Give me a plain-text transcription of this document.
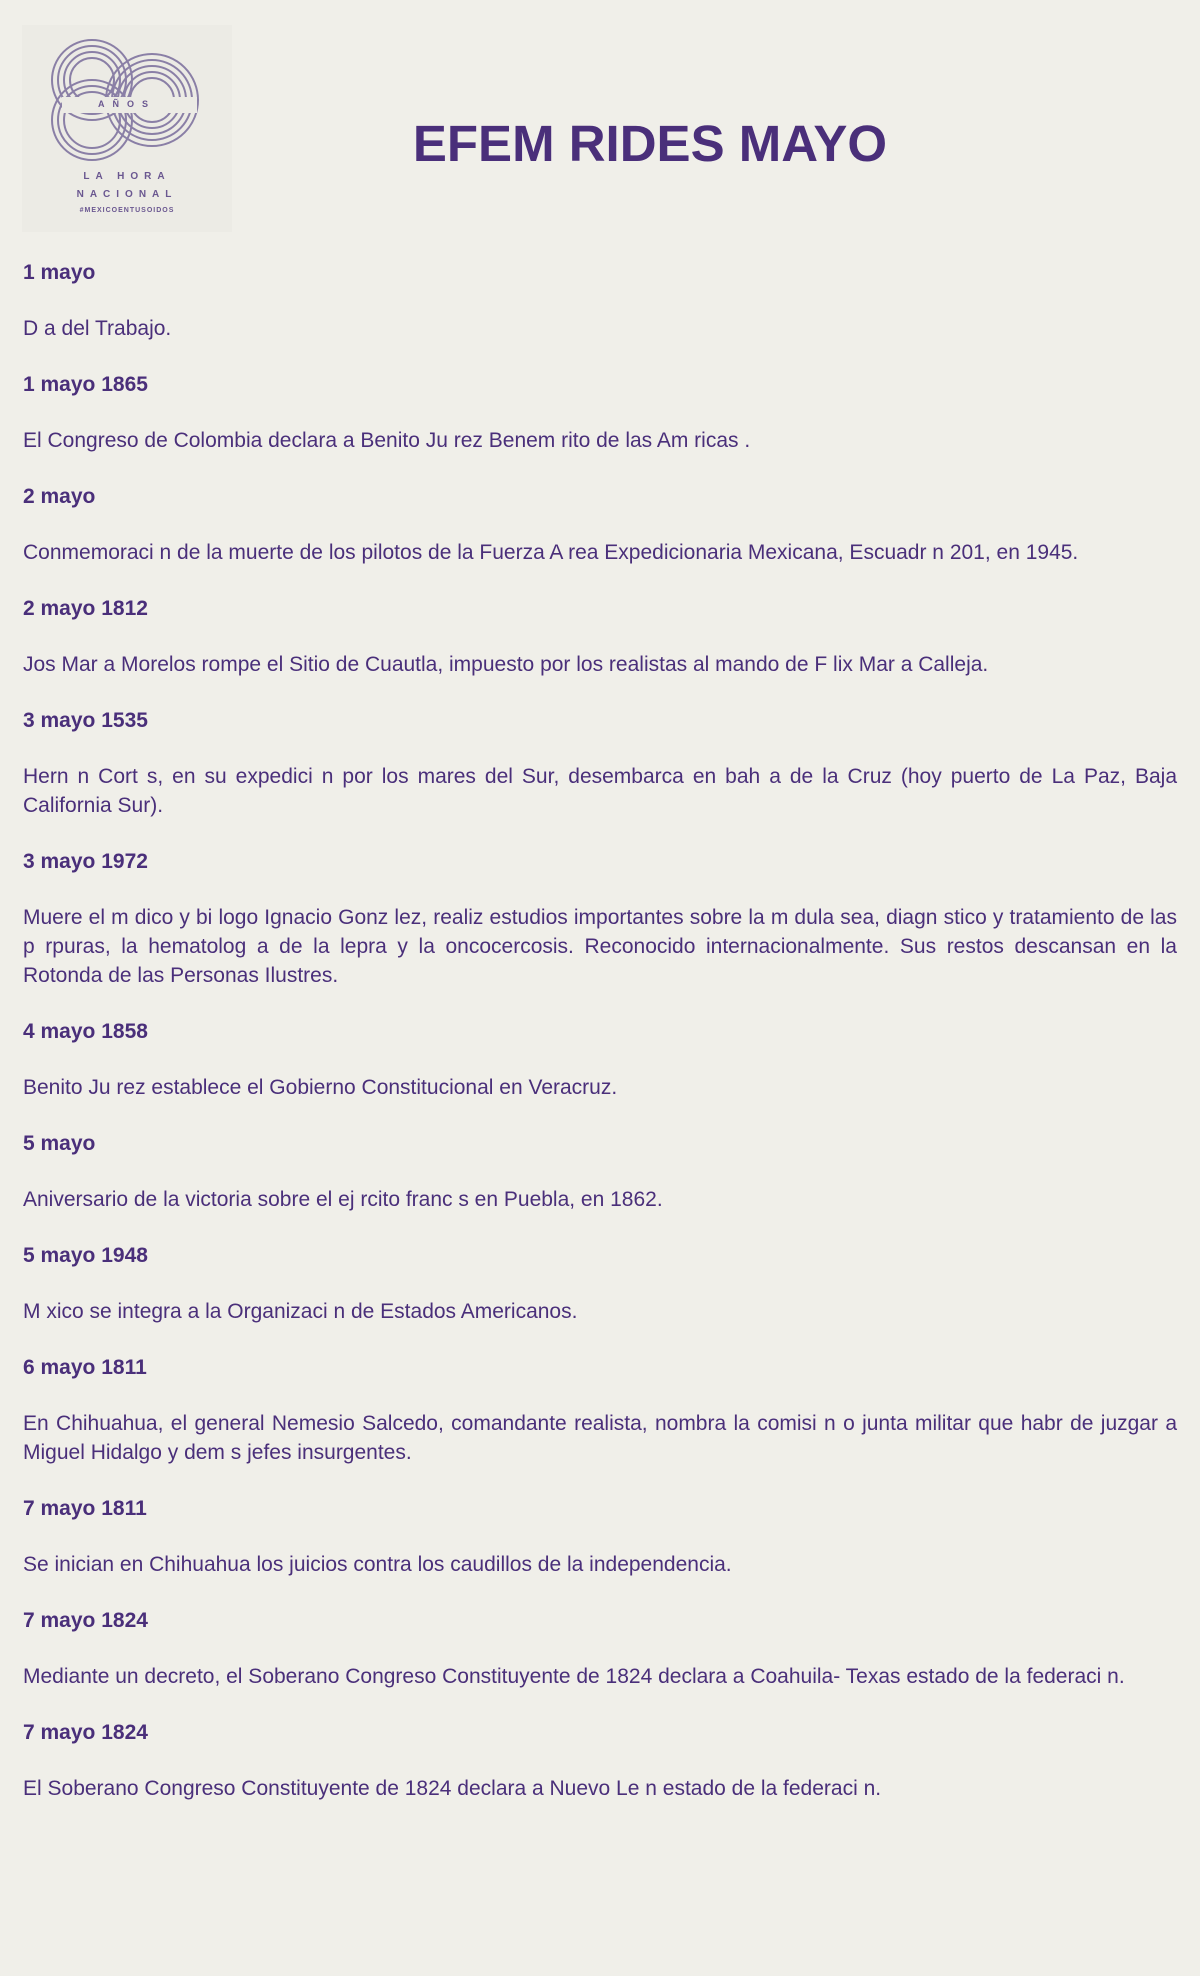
AÑOS
LA HORA
NACIONAL
#MEXICOENTUSOIDOS
EFEM RIDES MAYO

1 mayo

D a del Trabajo.

1 mayo 1865

El Congreso de Colombia declara a Benito Ju rez Benem rito de las Am ricas .

2 mayo

Conmemoraci n de la muerte de los pilotos de la Fuerza A rea Expedicionaria Mexicana, Escuadr n 201, en 1945.

2 mayo 1812

Jos Mar a Morelos rompe el Sitio de Cuautla, impuesto por los realistas al mando de F lix Mar a Calleja.

3 mayo 1535

Hern n Cort s, en su expedici n por los mares del Sur, desembarca en bah a de la Cruz (hoy puerto de La Paz, Baja California Sur).

3 mayo 1972

Muere el m dico y bi logo Ignacio Gonz lez, realiz estudios importantes sobre la m dula sea, diagn stico y tratamiento de las p rpuras, la hematolog a de la lepra y la oncocercosis. Reconocido internacionalmente. Sus restos descansan en la Rotonda de las Personas Ilustres.

4 mayo 1858

Benito Ju rez establece el Gobierno Constitucional en Veracruz.

5 mayo

Aniversario de la victoria sobre el ej rcito franc s en Puebla, en 1862.

5 mayo 1948

M xico se integra a la Organizaci n de Estados Americanos.

6 mayo 1811

En Chihuahua, el general Nemesio Salcedo, comandante realista, nombra la comisi n o junta militar que habr de juzgar a Miguel Hidalgo y dem s jefes insurgentes.

7 mayo 1811

Se inician en Chihuahua los juicios contra los caudillos de la independencia.

7 mayo 1824

Mediante un decreto, el Soberano Congreso Constituyente de 1824 declara a Coahuila- Texas estado de la federaci n.

7 mayo 1824

El Soberano Congreso Constituyente de 1824 declara a Nuevo Le n estado de la federaci n.
